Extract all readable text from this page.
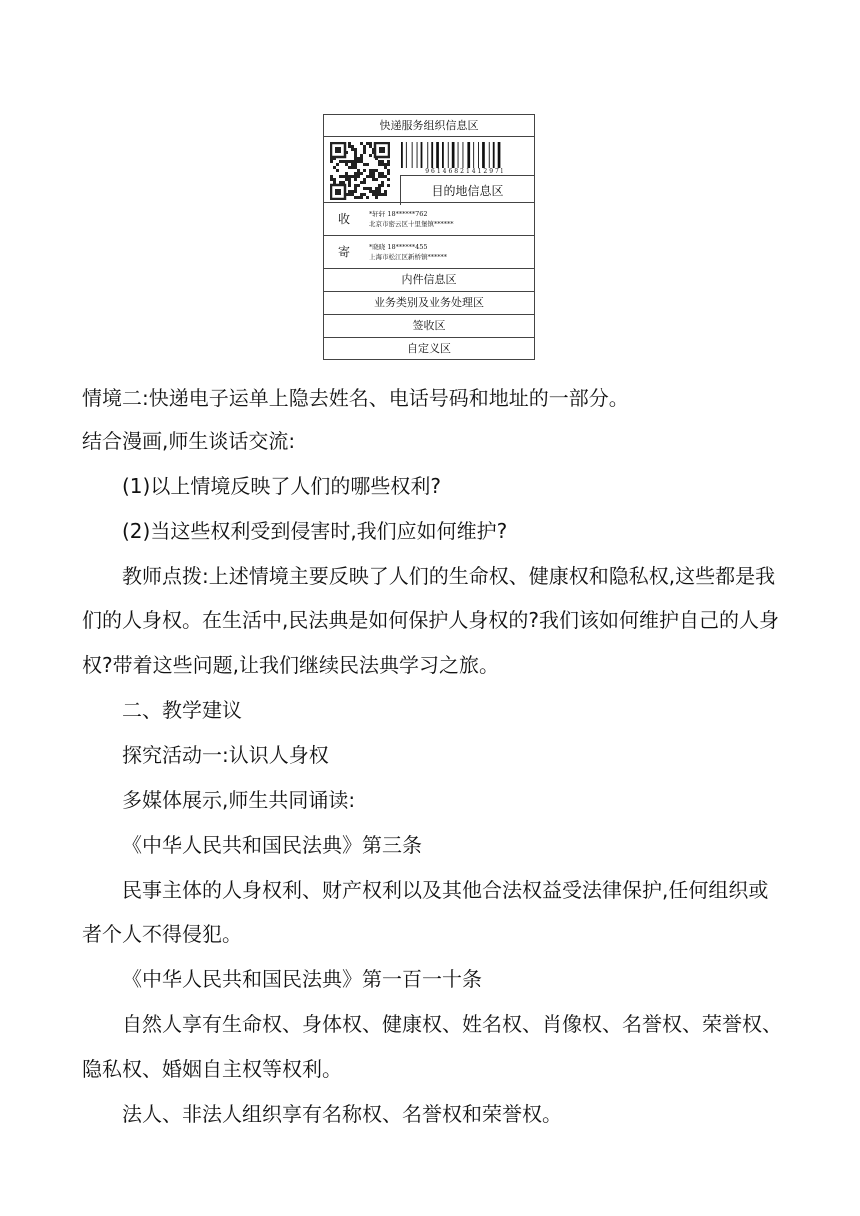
快递服务组织信息区
9614682141297l
目的地信息区
收	*轩轩 18******762
北京市密云区十里堡镇******
寄	*晓晓 18******455
上海市松江区新桥镇******
内件信息区
业务类别及业务处理区
签收区
自定义区
情境二:快递电子运单上隐去姓名、电话号码和地址的一部分。
结合漫画,师生谈话交流:
(1)以上情境反映了人们的哪些权利?
(2)当这些权利受到侵害时,我们应如何维护?
教师点拨:上述情境主要反映了人们的生命权、健康权和隐私权,这些都是我
们的人身权。在生活中,民法典是如何保护人身权的?我们该如何维护自己的人身
权?带着这些问题,让我们继续民法典学习之旅。
二、教学建议
探究活动一:认识人身权
多媒体展示,师生共同诵读:
《中华人民共和国民法典》第三条
民事主体的人身权利、财产权利以及其他合法权益受法律保护,任何组织或
者个人不得侵犯。
《中华人民共和国民法典》第一百一十条
自然人享有生命权、身体权、健康权、姓名权、肖像权、名誉权、荣誉权、
隐私权、婚姻自主权等权利。
法人、非法人组织享有名称权、名誉权和荣誉权。
